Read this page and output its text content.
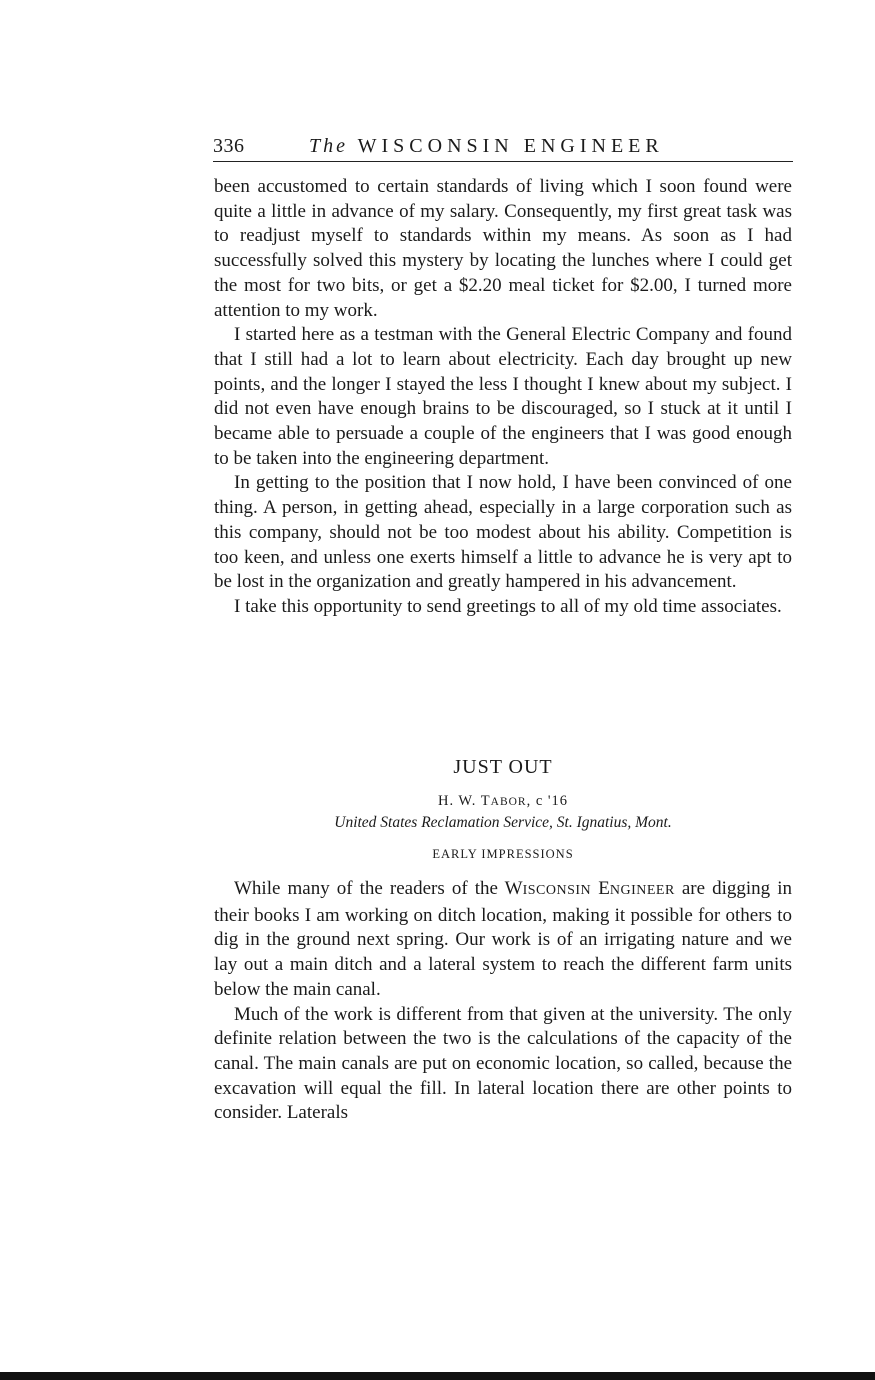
336	The WISCONSIN ENGINEER

been accustomed to certain standards of living which I soon found were quite a little in advance of my salary. Consequently, my first great task was to readjust myself to standards within my means. As soon as I had successfully solved this mystery by locating the lunches where I could get the most for two bits, or get a $2.20 meal ticket for $2.00, I turned more attention to my work.

I started here as a testman with the General Electric Company and found that I still had a lot to learn about electricity. Each day brought up new points, and the longer I stayed the less I thought I knew about my subject. I did not even have enough brains to be discouraged, so I stuck at it until I became able to persuade a couple of the engineers that I was good enough to be taken into the engineering department.

In getting to the position that I now hold, I have been convinced of one thing. A person, in getting ahead, especially in a large corporation such as this company, should not be too modest about his ability. Competition is too keen, and unless one exerts himself a little to advance he is very apt to be lost in the organization and greatly hampered in his advancement.

I take this opportunity to send greetings to all of my old time associates.

JUST OUT
H. W. TABOR, c '16
United States Reclamation Service, St. Ignatius, Mont.
EARLY IMPRESSIONS

While many of the readers of the WISCONSIN ENGINEER are digging in their books I am working on ditch location, making it possible for others to dig in the ground next spring. Our work is of an irrigating nature and we lay out a main ditch and a lateral system to reach the different farm units below the main canal.

Much of the work is different from that given at the university. The only definite relation between the two is the calculations of the capacity of the canal. The main canals are put on economic location, so called, because the excavation will equal the fill. In lateral location there are other points to consider. Laterals
